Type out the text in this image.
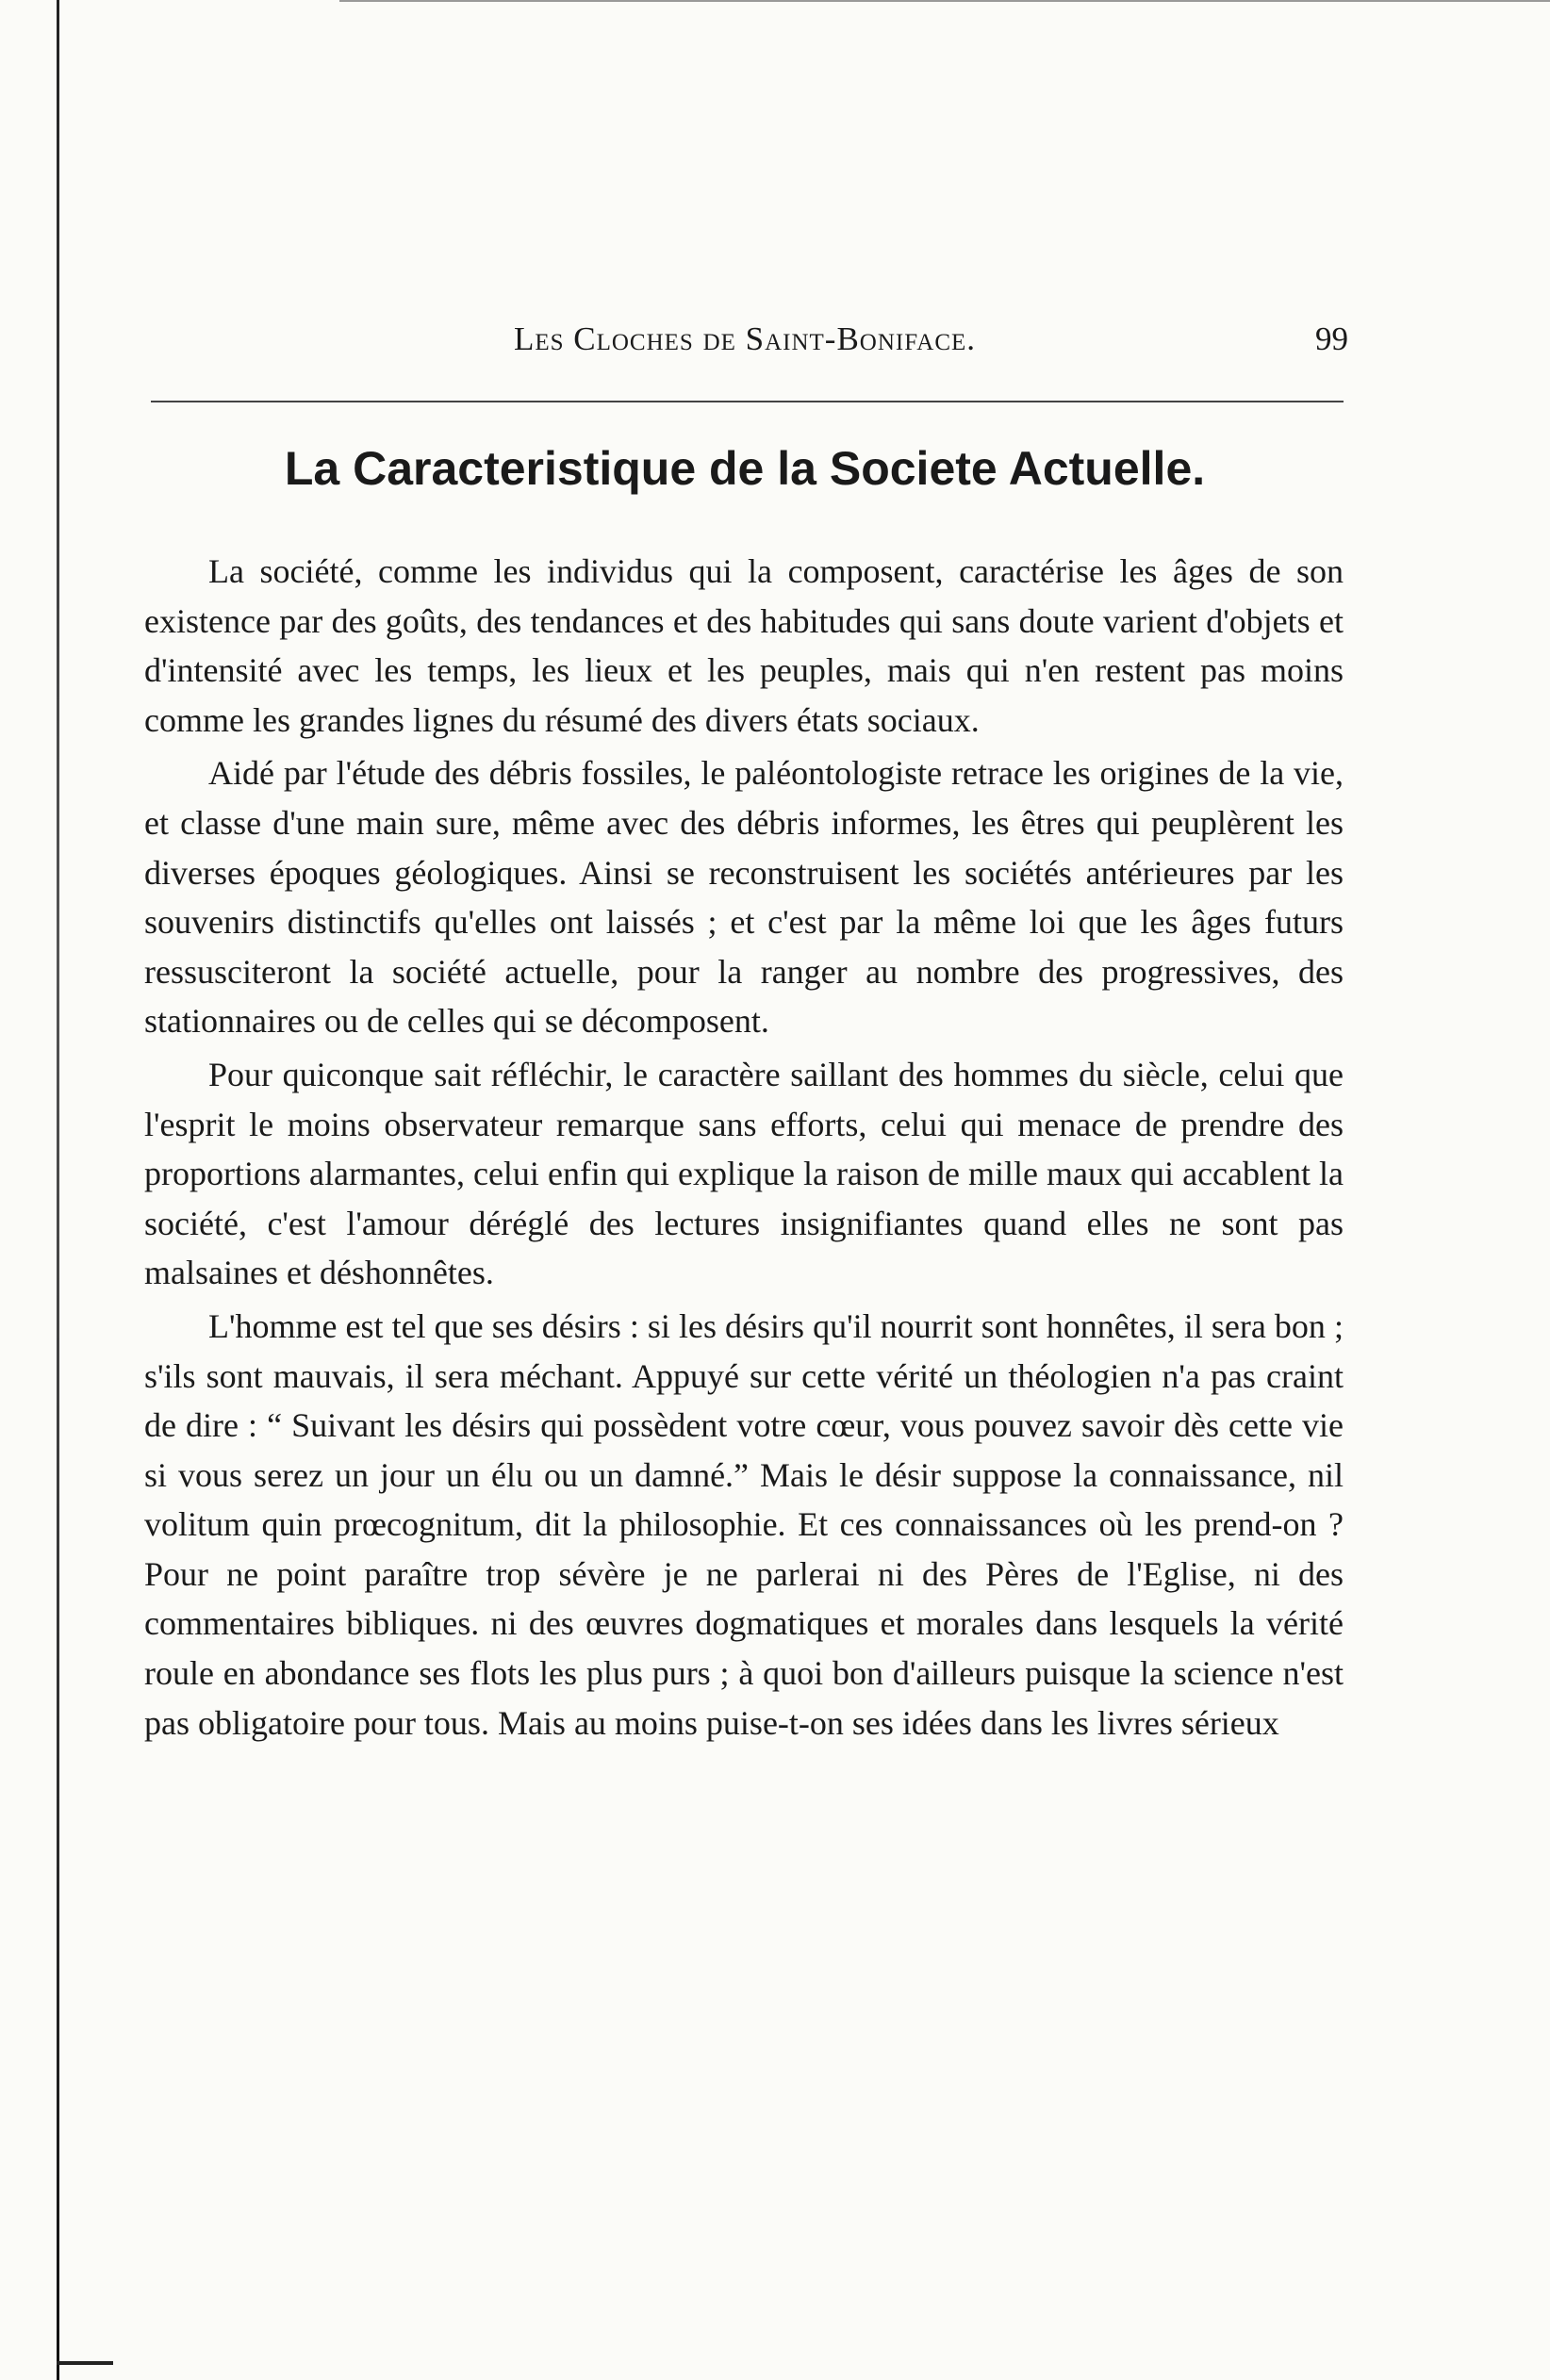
Les Cloches de Saint-Boniface.	99
La Caracteristique de la Societe Actuelle.

La société, comme les individus qui la composent, caractérise les âges de son existence par des goûts, des tendances et des habitudes qui sans doute varient d'objets et d'intensité avec les temps, les lieux et les peuples, mais qui n'en restent pas moins comme les grandes lignes du résumé des divers états sociaux.

Aidé par l'étude des débris fossiles, le paléontologiste retrace les origines de la vie, et classe d'une main sure, même avec des débris informes, les êtres qui peuplèrent les diverses époques géologiques. Ainsi se reconstruisent les sociétés antérieures par les souvenirs distinctifs qu'elles ont laissés ; et c'est par la même loi que les âges futurs ressusciteront la société actuelle, pour la ranger au nombre des progressives, des stationnaires ou de celles qui se décomposent.

Pour quiconque sait réfléchir, le caractère saillant des hommes du siècle, celui que l'esprit le moins observateur remarque sans efforts, celui qui menace de prendre des proportions alarmantes, celui enfin qui explique la raison de mille maux qui accablent la société, c'est l'amour déréglé des lectures insignifiantes quand elles ne sont pas malsaines et déshonnêtes.

L'homme est tel que ses désirs : si les désirs qu'il nourrit sont honnêtes, il sera bon ; s'ils sont mauvais, il sera méchant. Appuyé sur cette vérité un théologien n'a pas craint de dire : “ Suivant les désirs qui possèdent votre cœur, vous pouvez savoir dès cette vie si vous serez un jour un élu ou un damné.” Mais le désir suppose la connaissance, nil volitum quin prœcognitum, dit la philosophie. Et ces connaissances où les prend-on ? Pour ne point paraître trop sévère je ne parlerai ni des Pères de l'Eglise, ni des commentaires bibliques. ni des œuvres dogmatiques et morales dans lesquels la vérité roule en abondance ses flots les plus purs ; à quoi bon d'ailleurs puisque la science n'est pas obligatoire pour tous. Mais au moins puise-t-on ses idées dans les livres sérieux
